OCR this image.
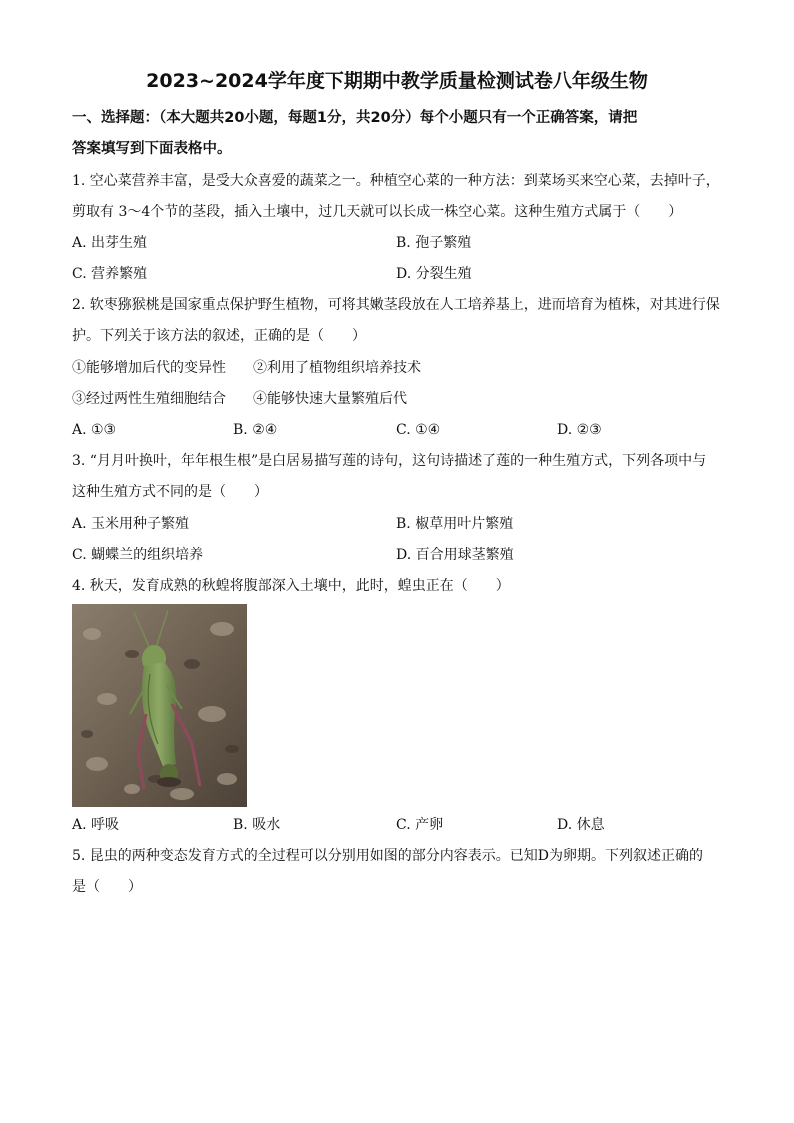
2023~2024学年度下期期中教学质量检测试卷八年级生物
一、选择题：（本大题共20小题，每题1分，共20分）每个小题只有一个正确答案，请把
答案填写到下面表格中。
1. 空心菜营养丰富，是受大众喜爱的蔬菜之一。种植空心菜的一种方法：到菜场买来空心菜，去掉叶子，
剪取有 3～4个节的茎段，插入土壤中，过几天就可以长成一株空心菜。这种生殖方式属于（　　）
A. 出芽生殖	B. 孢子繁殖
C. 营养繁殖	D. 分裂生殖
2. 软枣猕猴桃是国家重点保护野生植物，可将其嫩茎段放在人工培养基上，进而培育为植株，对其进行保
护。下列关于该方法的叙述，正确的是（　　）
①能够增加后代的变异性 ②利用了植物组织培养技术
③经过两性生殖细胞结合 ④能够快速大量繁殖后代
A. ①③	B. ②④	C. ①④	D. ②③
3. “月月叶换叶，年年根生根”是白居易描写莲的诗句，这句诗描述了莲的一种生殖方式，下列各项中与
这种生殖方式不同的是（　　）
A. 玉米用种子繁殖	B. 椒草用叶片繁殖
C. 蝴蝶兰的组织培养	D. 百合用球茎繁殖
4. 秋天，发育成熟的秋蝗将腹部深入土壤中，此时，蝗虫正在（　　）
A. 呼吸	B. 吸水	C. 产卵	D. 休息
5. 昆虫的两种变态发育方式的全过程可以分别用如图的部分内容表示。已知D为卵期。下列叙述正确的
是（　　）
